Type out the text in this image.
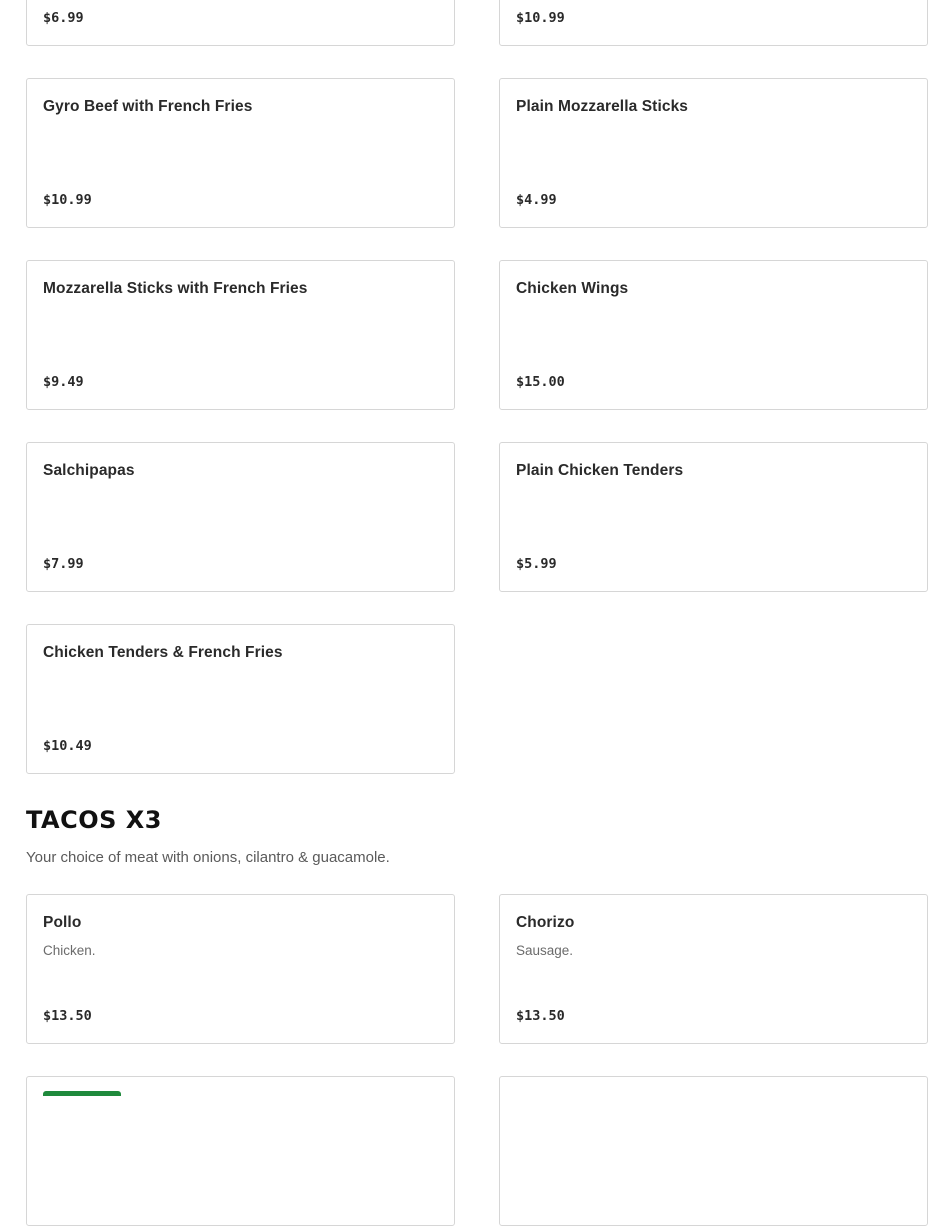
$6.99	$10.99
Gyro Beef with French Fries
$10.99
Plain Mozzarella Sticks
$4.99
Mozzarella Sticks with French Fries
$9.49
Chicken Wings
$15.00
Salchipapas
$7.99
Plain Chicken Tenders
$5.99
Chicken Tenders & French Fries
$10.49
TACOS X3

Your choice of meat with onions, cilantro & guacamole.

Pollo
Chicken.
$13.50
Chorizo
Sausage.
$13.50
